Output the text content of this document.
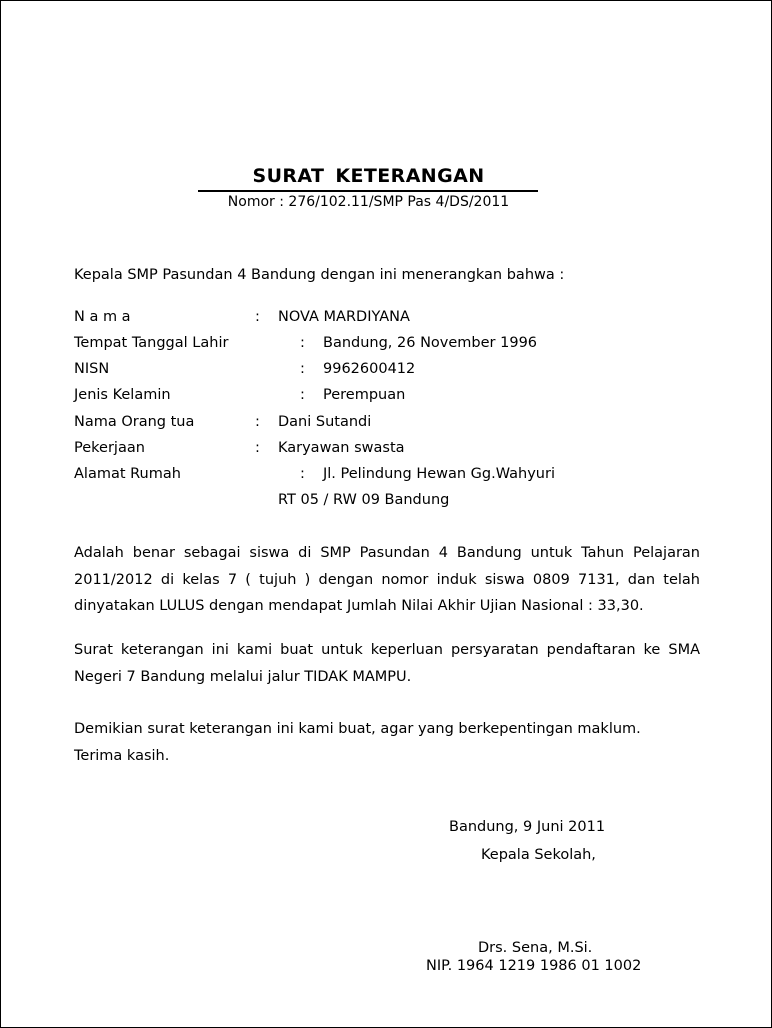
SURAT KETERANGAN
Nomor : 276/102.11/SMP Pas 4/DS/2011
Kepala SMP Pasundan 4 Bandung dengan ini menerangkan bahwa :
N a m a	: NOVA MARDIYANA
Tempat Tanggal Lahir	: Bandung, 26 November 1996
NISN	: 9962600412
Jenis Kelamin	: Perempuan
Nama Orang tua	: Dani Sutandi
Pekerjaan	: Karyawan swasta
Alamat Rumah	: Jl. Pelindung Hewan Gg.Wahyuri
RT 05 / RW 09 Bandung
Adalah benar sebagai siswa di SMP Pasundan 4 Bandung untuk Tahun Pelajaran
2011/2012 di kelas 7 ( tujuh ) dengan nomor induk siswa 0809 7131, dan telah
dinyatakan LULUS dengan mendapat Jumlah Nilai Akhir Ujian Nasional : 33,30.
Surat keterangan ini kami buat untuk keperluan persyaratan pendaftaran ke SMA
Negeri 7 Bandung melalui jalur TIDAK MAMPU.
Demikian surat keterangan ini kami buat, agar yang berkepentingan maklum.
Terima kasih.
Bandung, 9 Juni 2011
Kepala Sekolah,
Drs. Sena, M.Si.
NIP. 1964 1219 1986 01 1002
